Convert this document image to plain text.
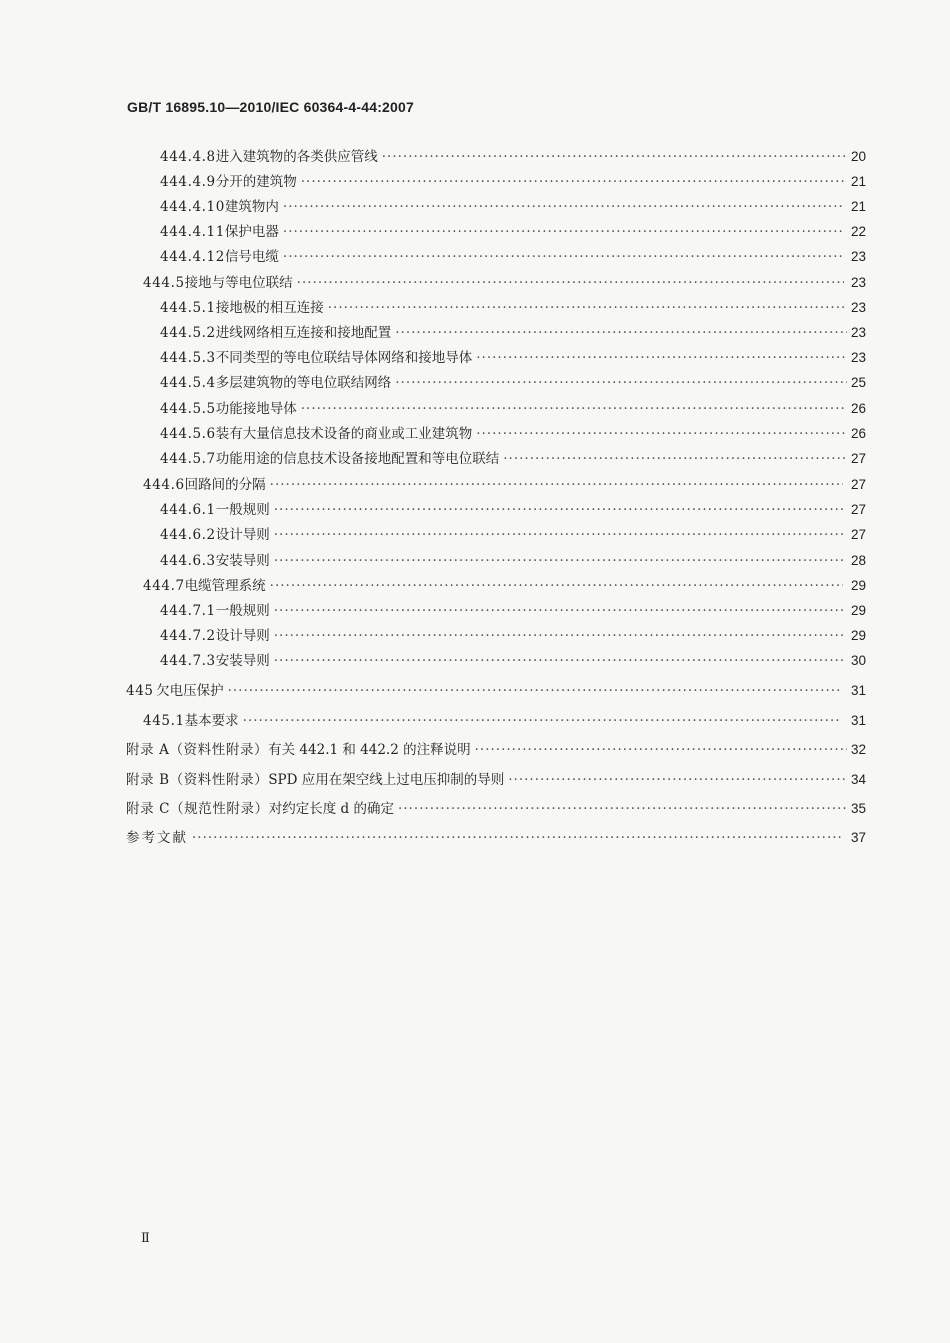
GB/T 16895.10—2010/IEC 60364-4-44:2007
444.4.8 进入建筑物的各类供应管线 ·····	20
444.4.9 分开的建筑物 ·····	21
444.4.10 建筑物内 ·····	21
444.4.11 保护电器 ·····	22
444.4.12 信号电缆 ·····	23
444.5 接地与等电位联结 ·····	23
444.5.1 接地极的相互连接 ·····	23
444.5.2 进线网络相互连接和接地配置 ·····	23
444.5.3 不同类型的等电位联结导体网络和接地导体 ·····	23
444.5.4 多层建筑物的等电位联结网络 ·····	25
444.5.5 功能接地导体 ·····	26
444.5.6 装有大量信息技术设备的商业或工业建筑物 ·····	26
444.5.7 功能用途的信息技术设备接地配置和等电位联结 ·····	27
444.6 回路间的分隔 ·····	27
444.6.1 一般规则 ·····	27
444.6.2 设计导则 ·····	27
444.6.3 安装导则 ·····	28
444.7 电缆管理系统 ·····	29
444.7.1 一般规则 ·····	29
444.7.2 设计导则 ·····	29
444.7.3 安装导则 ·····	30
445 欠电压保护 ·····	31
445.1 基本要求 ·····	31
附录 A（资料性附录） 有关 442.1 和 442.2 的注释说明 ·····	32
附录 B（资料性附录） SPD 应用在架空线上过电压抑制的导则 ·····	34
附录 C（规范性附录） 对约定长度 d 的确定 ·····	35
参考文献 ·····	37
Ⅱ
